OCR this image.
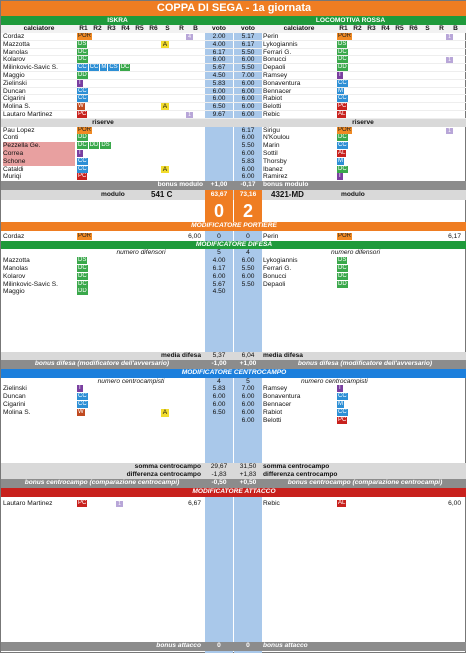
COPPA DI SEGA - 1a giornata
ISKRA	LOCOMOTIVA ROSSA
calciatore	voto	voto	calciatore
R1	R1
R2	R2
R3	R3
R4	R4
R5	R5
R6	R6
S	S
R	R
B	B
Cordaz	POR	4	2.00	5.17	Perin	POR	1
Mazzotta	DS	A	4.00	6.17	Lykogiannis	DS
Manolas	DC	6.17	5.50	Ferrari G.	DC
Kolarov	DC	6.00	6.00	Bonucci	DC	1
Milinkovic-Savic S.	CC CC M CS DC	5.67	5.50	Depaoli	DD
Maggio	DD	4.50	7.00	Ramsey	T
Zielinski	T	5.83	6.00	Bonaventura	CC
Duncan	CC	6.00	6.00	Bennacer	M
Cigarini	CC	6.00	6.00	Rabiot	CC
Molina S.	W	A	6.50	6.00	Belotti	PC
Lautaro Martinez	PC	1	9.67	6.00	Rebic	AL
riserve	riserve
Pau Lopez	POR	6.17	Sirigu	POR	1
Conti	DD	6.00	N'Koulou	DC
Pezzella Ge.	DC DD DS	5.50	Marin	CC
Correa	T	6.00	Sottil	AL
Schone	CC	5.83	Thorsby	M
Cataldi	CC	A	6.00	Ibanez	DC
Muriqi	PC	6.00	Ramirez	T
bonus modulo	+1,00	-0,17	bonus modulo
modulo	541 C	63,67	73,16	4321-MD	modulo
0	2
MODIFICATORE PORTIERE
Cordaz	POR	6,00	0	0	Perin	POR	6,17
MODIFICATORE DIFESA
numero difensori	5	4	numero difensori
Mazzotta	DS	4.00	6.00	Lykogiannis	DS
Manolas	DC	6.17	5.50	Ferrari G.	DC
Kolarov	DC	6.00	6.00	Bonucci	DC
Milinkovic-Savic S.	DC	5.67	5.50	Depaoli	DD
Maggio	DD	4.50
media difesa	5,37	6,04	media difesa
bonus difesa (modificatore dell'avversario)	-1,00	+1,00	bonus difesa (modificatore dell'avversario)
MODIFICATORE CENTROCAMPO
numero centrocampisti	4	5	numero centrocampisti
Zielinski	T	5.83	7.00	Ramsey	T
Duncan	CC	6.00	6.00	Bonaventura	CC
Cigarini	CC	6.00	6.00	Bennacer	M
Molina S.	W	A	6.50	6.00	Rabiot	CC
6.00	Belotti	PC
somma centrocampo	29,67	31,50	somma centrocampo
differenza centrocampo	-1,83	+1,83	differenza centrocampo
bonus centrocampo (comparazione centrocampi)	-0,50	+0,50	bonus centrocampo (comparazione centrocampi)
MODIFICATORE ATTACCO
Lautaro Martinez	PC	1	6,67	Rebic	AL	6,00
bonus attacco	0	0	bonus attacco
